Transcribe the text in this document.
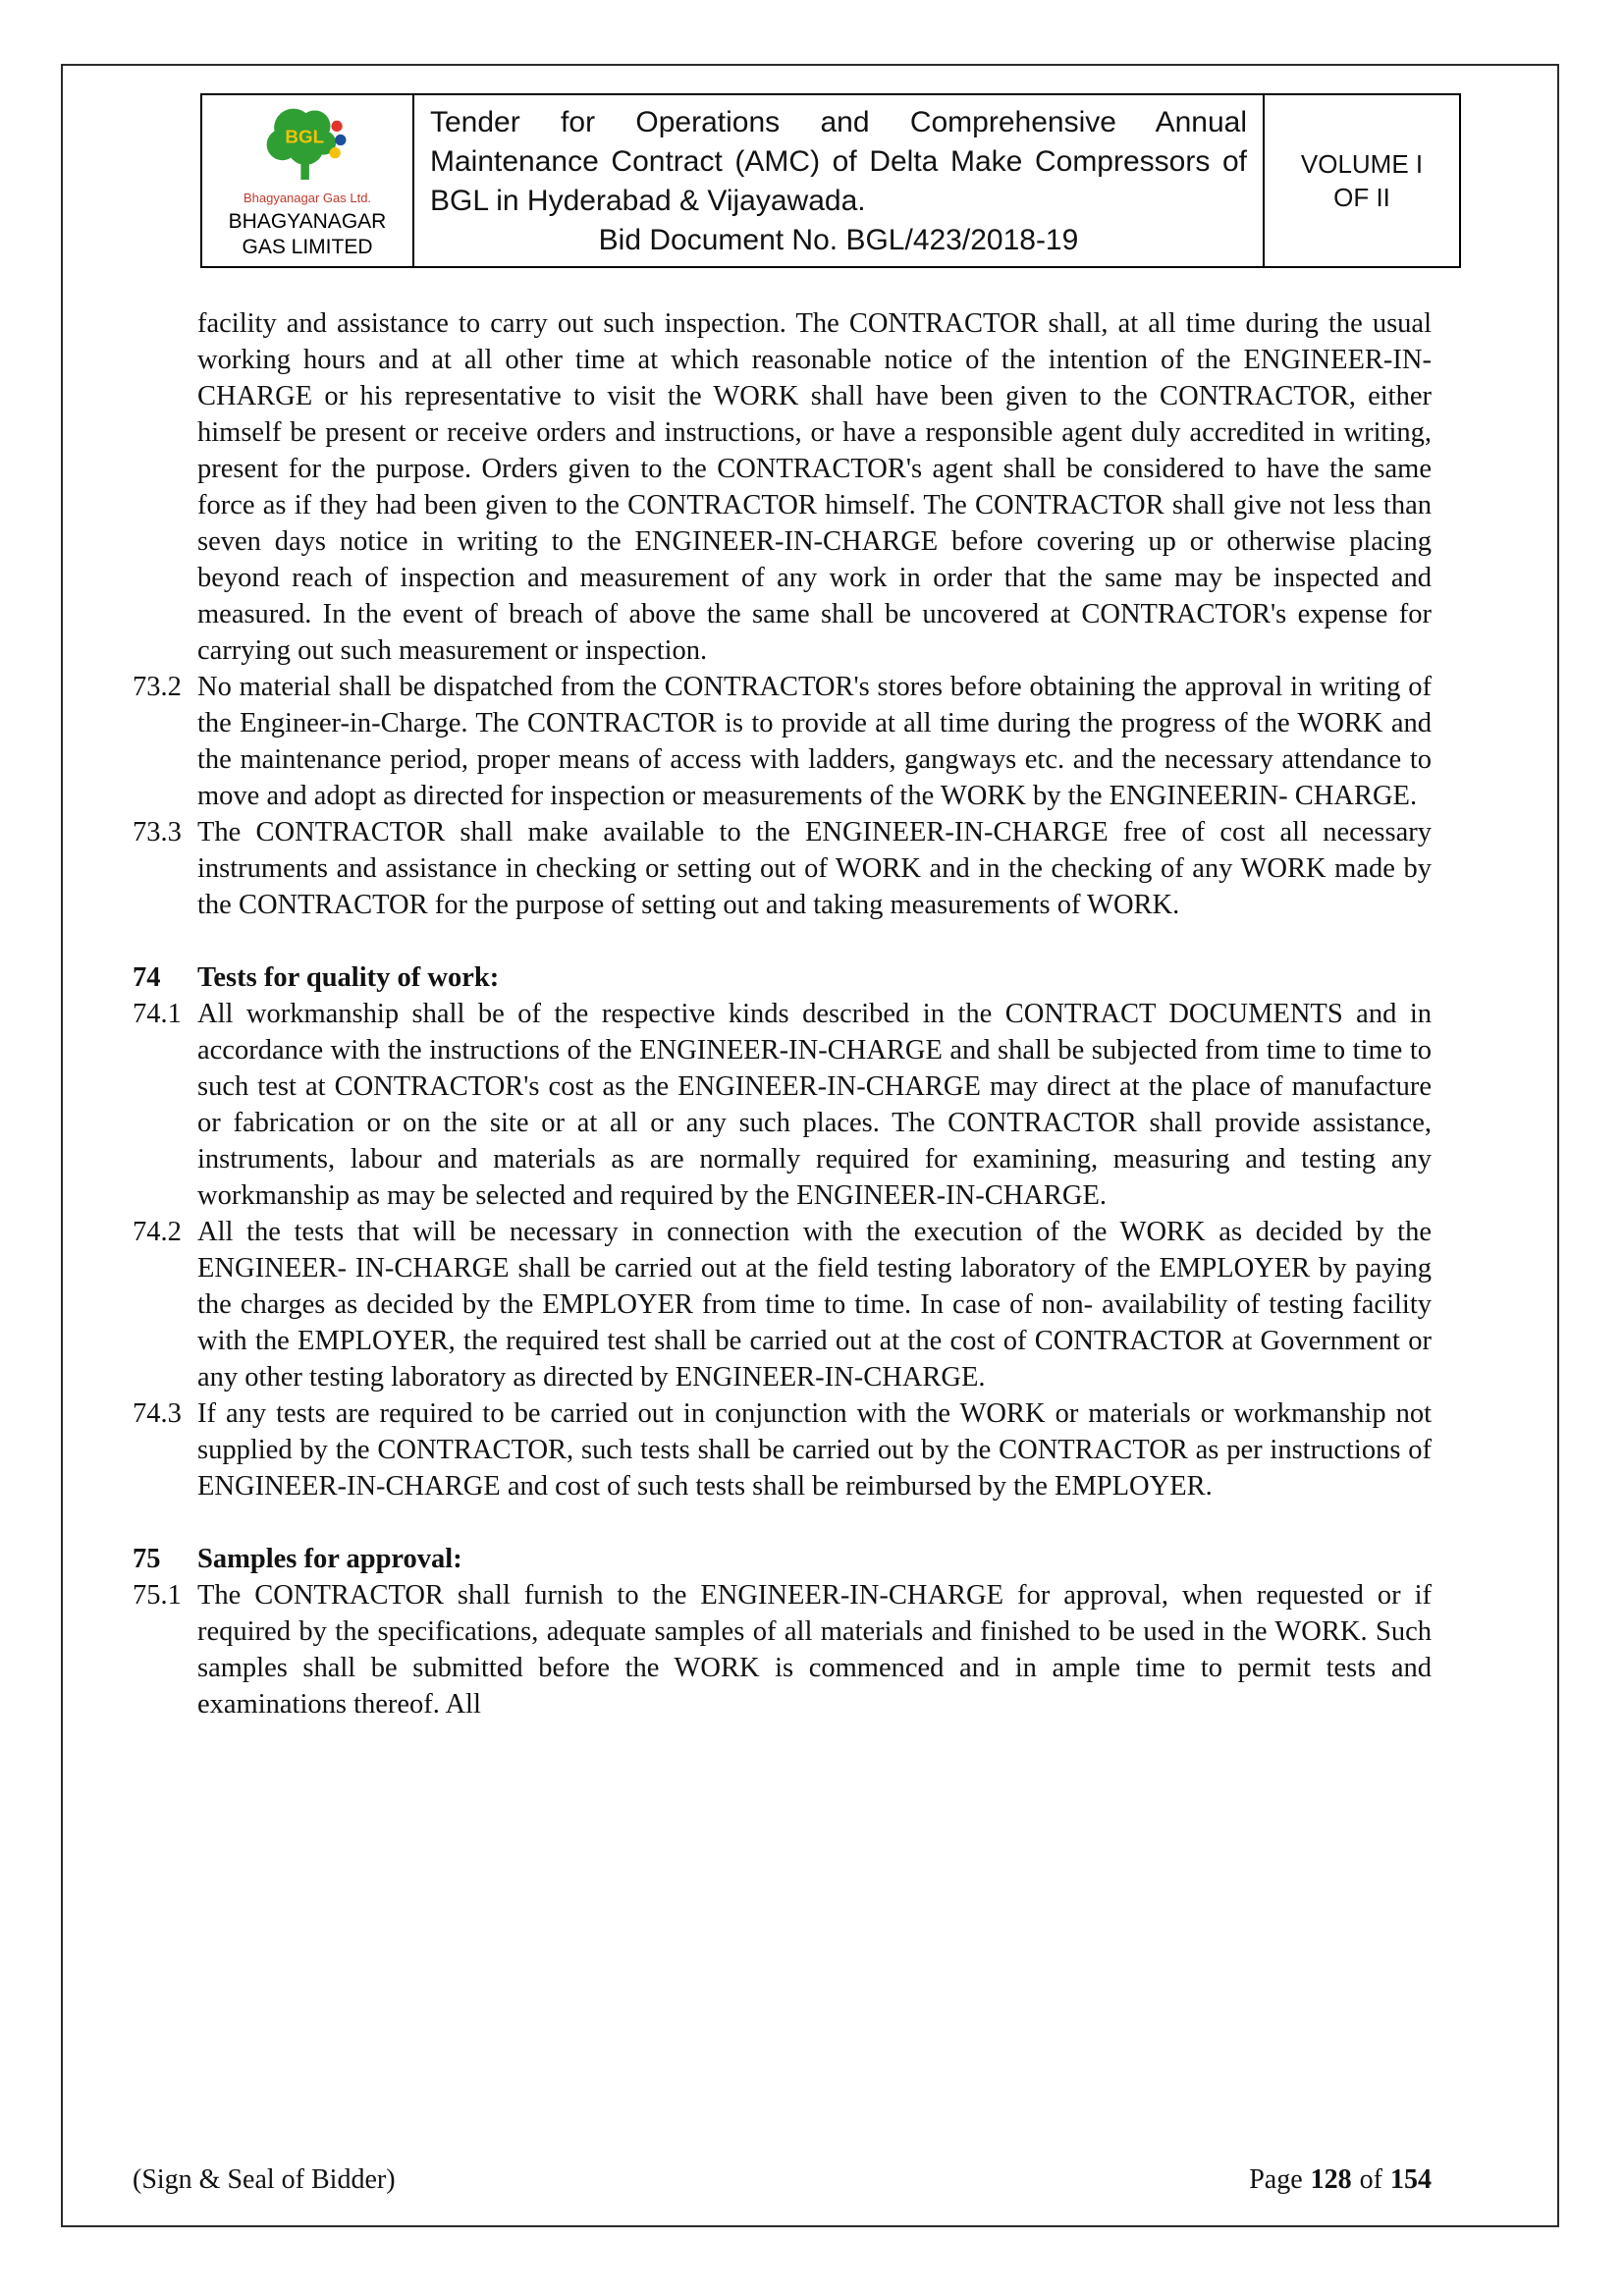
BGL
Bhagyanagar Gas Ltd.
BHAGYANAGAR GAS LIMITED
Tender for Operations and Comprehensive Annual Maintenance Contract (AMC) of Delta Make Compressors of BGL in Hyderabad & Vijayawada.
Bid Document No. BGL/423/2018-19
VOLUME I
OF II
facility and assistance to carry out such inspection. The CONTRACTOR shall, at all time during the usual working hours and at all other time at which reasonable notice of the intention of the ENGINEER-IN- CHARGE or his representative to visit the WORK shall have been given to the CONTRACTOR, either himself be present or receive orders and instructions, or have a responsible agent duly accredited in writing, present for the purpose. Orders given to the CONTRACTOR's agent shall be considered to have the same force as if they had been given to the CONTRACTOR himself. The CONTRACTOR shall give not less than seven days notice in writing to the ENGINEER-IN-CHARGE before covering up or otherwise placing beyond reach of inspection and measurement of any work in order that the same may be inspected and measured. In the event of breach of above the same shall be uncovered at CONTRACTOR's expense for carrying out such measurement or inspection.
73.2 No material shall be dispatched from the CONTRACTOR's stores before obtaining the approval in writing of the Engineer-in-Charge. The CONTRACTOR is to provide at all time during the progress of the WORK and the maintenance period, proper means of access with ladders, gangways etc. and the necessary attendance to move and adopt as directed for inspection or measurements of the WORK by the ENGINEERIN- CHARGE.
73.3 The CONTRACTOR shall make available to the ENGINEER-IN-CHARGE free of cost all necessary instruments and assistance in checking or setting out of WORK and in the checking of any WORK made by the CONTRACTOR for the purpose of setting out and taking measurements of WORK.
74	Tests for quality of work:
74.1 All workmanship shall be of the respective kinds described in the CONTRACT DOCUMENTS and in accordance with the instructions of the ENGINEER-IN-CHARGE and shall be subjected from time to time to such test at CONTRACTOR's cost as the ENGINEER-IN-CHARGE may direct at the place of manufacture or fabrication or on the site or at all or any such places. The CONTRACTOR shall provide assistance, instruments, labour and materials as are normally required for examining, measuring and testing any workmanship as may be selected and required by the ENGINEER-IN-CHARGE.
74.2 All the tests that will be necessary in connection with the execution of the WORK as decided by the ENGINEER- IN-CHARGE shall be carried out at the field testing laboratory of the EMPLOYER by paying the charges as decided by the EMPLOYER from time to time. In case of non- availability of testing facility with the EMPLOYER, the required test shall be carried out at the cost of CONTRACTOR at Government or any other testing laboratory as directed by ENGINEER-IN-CHARGE.
74.3 If any tests are required to be carried out in conjunction with the WORK or materials or workmanship not supplied by the CONTRACTOR, such tests shall be carried out by the CONTRACTOR as per instructions of ENGINEER-IN-CHARGE and cost of such tests shall be reimbursed by the EMPLOYER.
75	Samples for approval:
75.1 The CONTRACTOR shall furnish to the ENGINEER-IN-CHARGE for approval, when requested or if required by the specifications, adequate samples of all materials and finished to be used in the WORK. Such samples shall be submitted before the WORK is commenced and in ample time to permit tests and examinations thereof. All
(Sign & Seal of Bidder)	Page 128 of 154
